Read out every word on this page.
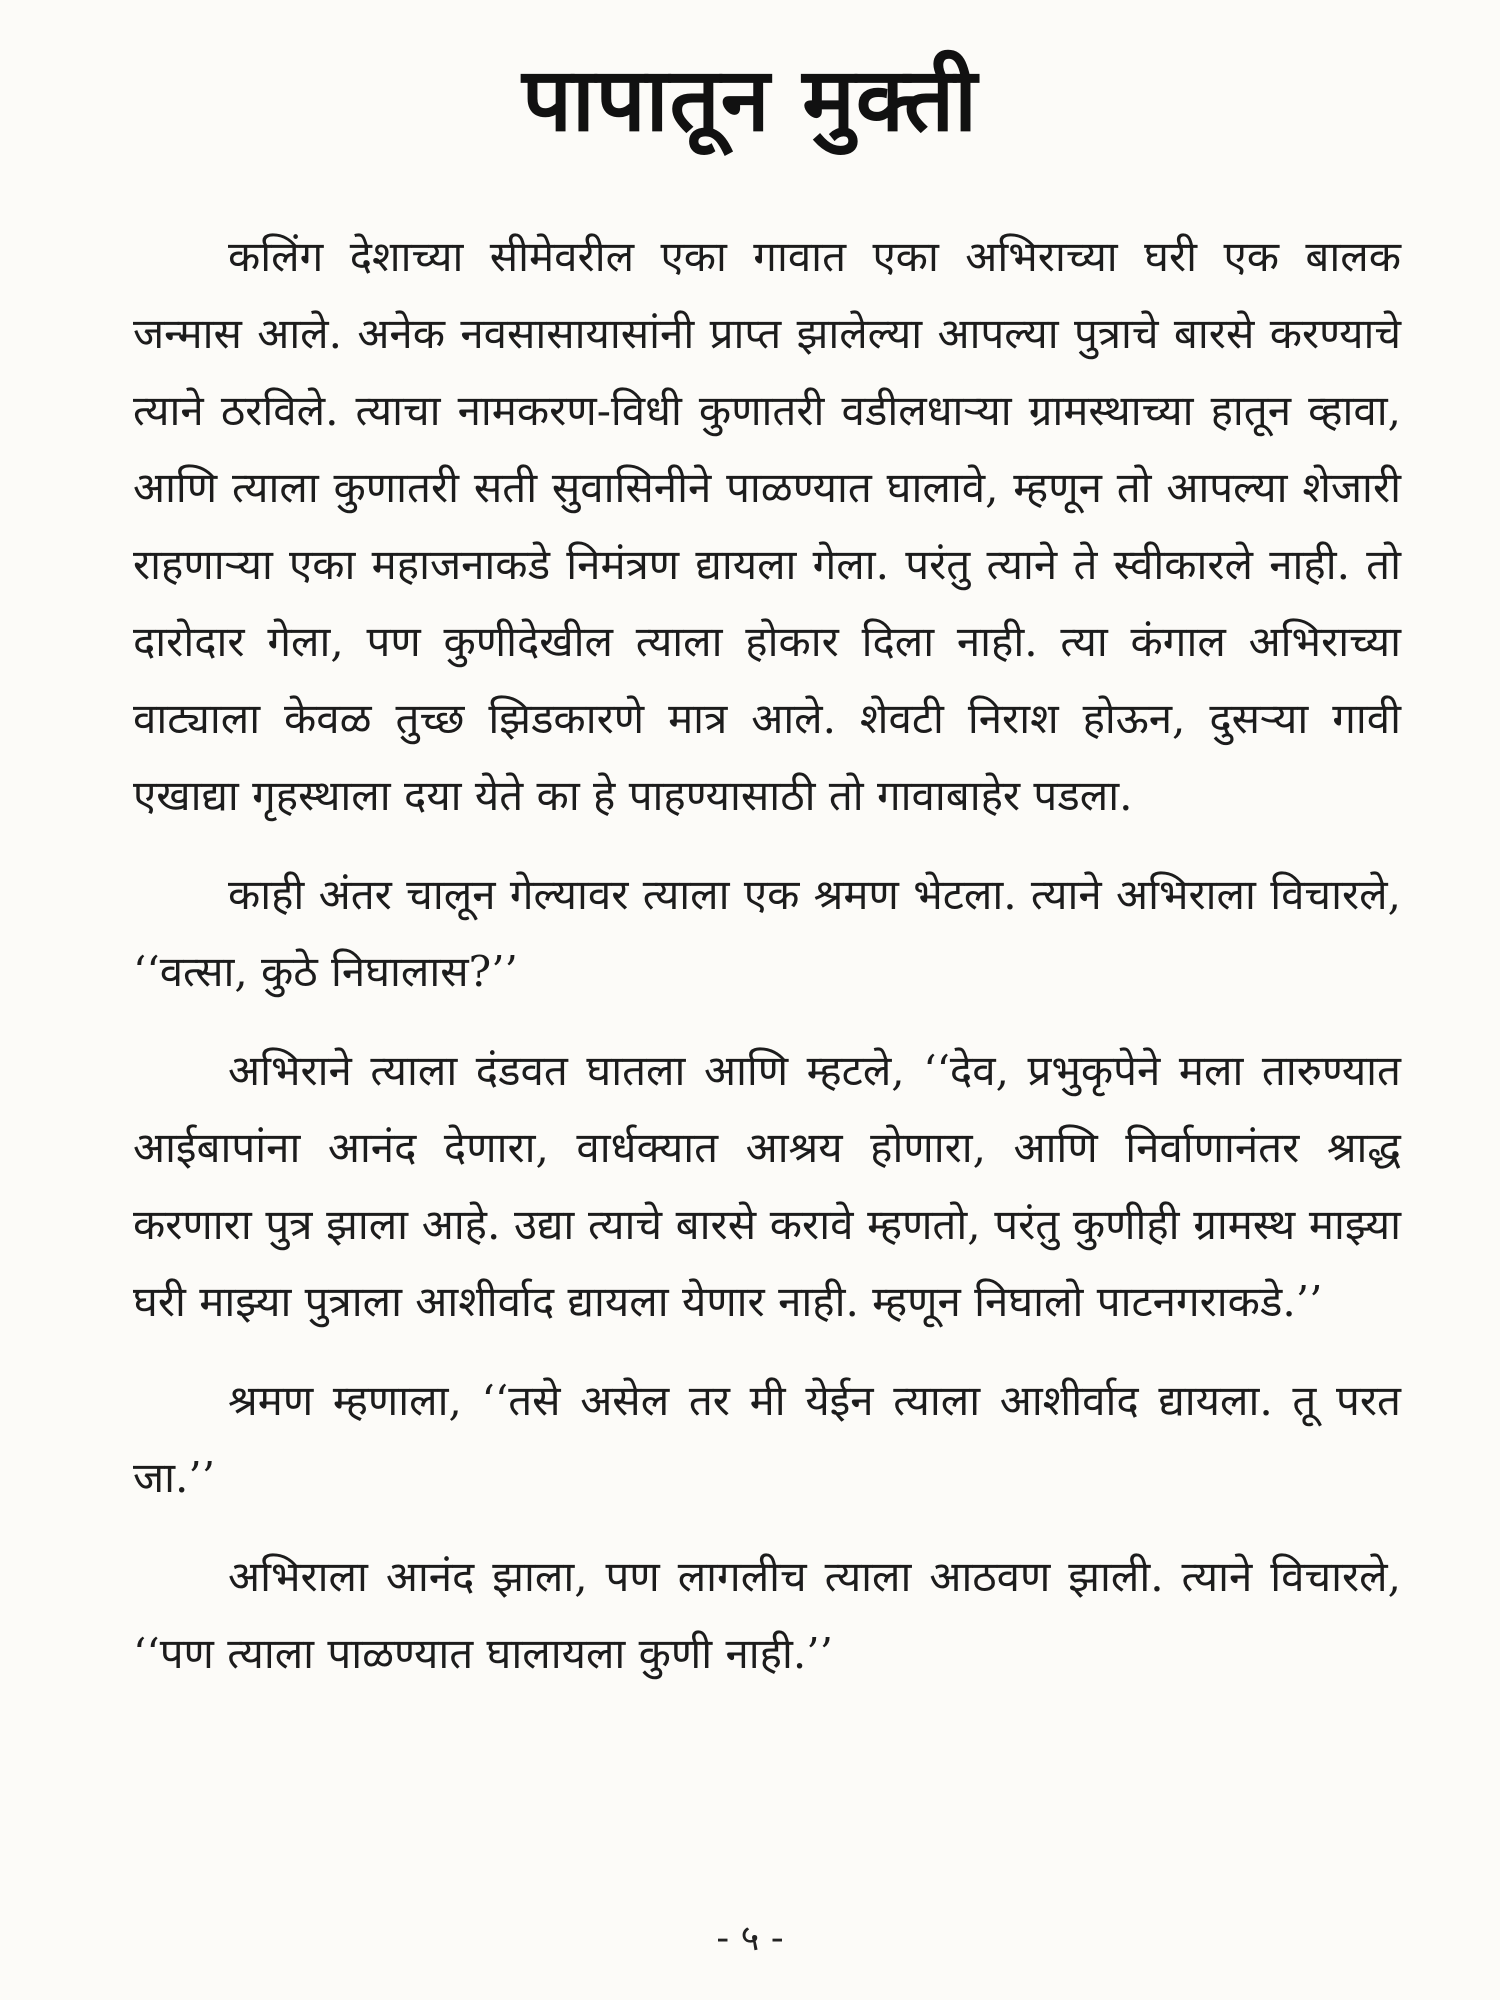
पापातून मुक्ती

कलिंग देशाच्या सीमेवरील एका गावात एका अभिराच्या घरी एक बालक जन्मास आले. अनेक नवसासायासांनी प्राप्त झालेल्या आपल्या पुत्राचे बारसे करण्याचे त्याने ठरविले. त्याचा नामकरण-विधी कुणातरी वडीलधाऱ्या ग्रामस्थाच्या हातून व्हावा, आणि त्याला कुणातरी सती सुवासिनीने पाळण्यात घालावे, म्हणून तो आपल्या शेजारी राहणाऱ्या एका महाजनाकडे निमंत्रण द्यायला गेला. परंतु त्याने ते स्वीकारले नाही. तो दारोदार गेला, पण कुणीदेखील त्याला होकार दिला नाही. त्या कंगाल अभिराच्या वाट्याला केवळ तुच्छ झिडकारणे मात्र आले. शेवटी निराश होऊन, दुसऱ्या गावी एखाद्या गृहस्थाला दया येते का हे पाहण्यासाठी तो गावाबाहेर पडला.

काही अंतर चालून गेल्यावर त्याला एक श्रमण भेटला. त्याने अभिराला विचारले, ‘‘वत्सा, कुठे निघालास?’’

अभिराने त्याला दंडवत घातला आणि म्हटले, ‘‘देव, प्रभुकृपेने मला तारुण्यात आईबापांना आनंद देणारा, वार्धक्यात आश्रय होणारा, आणि निर्वाणानंतर श्राद्ध करणारा पुत्र झाला आहे. उद्या त्याचे बारसे करावे म्हणतो, परंतु कुणीही ग्रामस्थ माझ्या घरी माझ्या पुत्राला आशीर्वाद द्यायला येणार नाही. म्हणून निघालो पाटनगराकडे.’’

श्रमण म्हणाला, ‘‘तसे असेल तर मी येईन त्याला आशीर्वाद द्यायला. तू परत जा.’’

अभिराला आनंद झाला, पण लागलीच त्याला आठवण झाली. त्याने विचारले, ‘‘पण त्याला पाळण्यात घालायला कुणी नाही.’’

- ५ -
